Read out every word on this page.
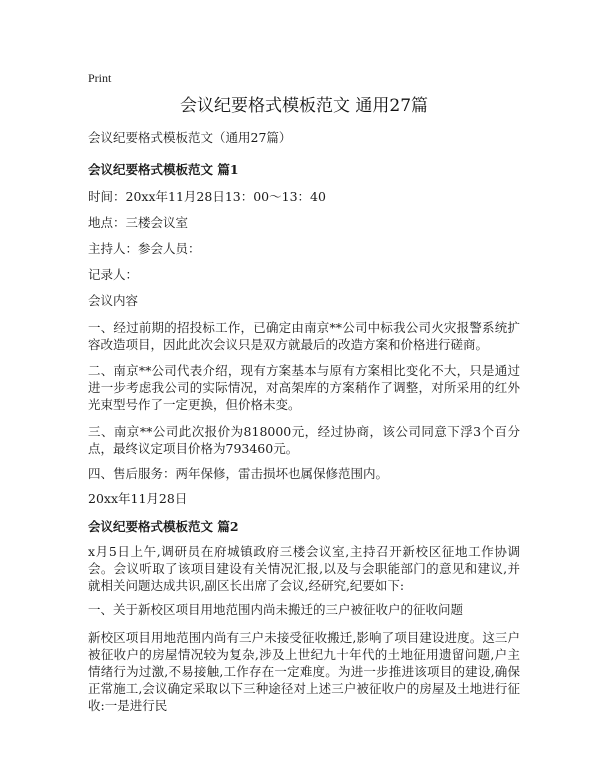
Print
会议纪要格式模板范文 通用27篇
会议纪要格式模板范文（通用27篇）
会议纪要格式模板范文 篇1
时间：20xx年11月28日13：00～13：40
地点：三楼会议室
主持人：参会人员：
记录人：
会议内容
一、经过前期的招投标工作，已确定由南京**公司中标我公司火灾报警系统扩容改造项目，因此此次会议只是双方就最后的改造方案和价格进行磋商。
二、南京**公司代表介绍，现有方案基本与原有方案相比变化不大，只是通过进一步考虑我公司的实际情况，对高架库的方案稍作了调整，对所采用的红外光束型号作了一定更换，但价格未变。
三、南京**公司此次报价为818000元，经过协商，该公司同意下浮3个百分点，最终议定项目价格为793460元。
四、售后服务：两年保修，雷击损坏也属保修范围内。
20xx年11月28日
会议纪要格式模板范文 篇2
x月5日上午,调研员在府城镇政府三楼会议室,主持召开新校区征地工作协调会。会议听取了该项目建设有关情况汇报,以及与会职能部门的意见和建议,并就相关问题达成共识,副区长出席了会议,经研究,纪要如下:
一、关于新校区项目用地范围内尚未搬迁的三户被征收户的征收问题
新校区项目用地范围内尚有三户未接受征收搬迁,影响了项目建设进度。这三户被征收户的房屋情况较为复杂,涉及上世纪九十年代的土地征用遗留问题,户主情绪行为过激,不易接触,工作存在一定难度。为进一步推进该项目的建设,确保正常施工,会议确定采取以下三种途径对上述三户被征收户的房屋及土地进行征收:一是进行民
